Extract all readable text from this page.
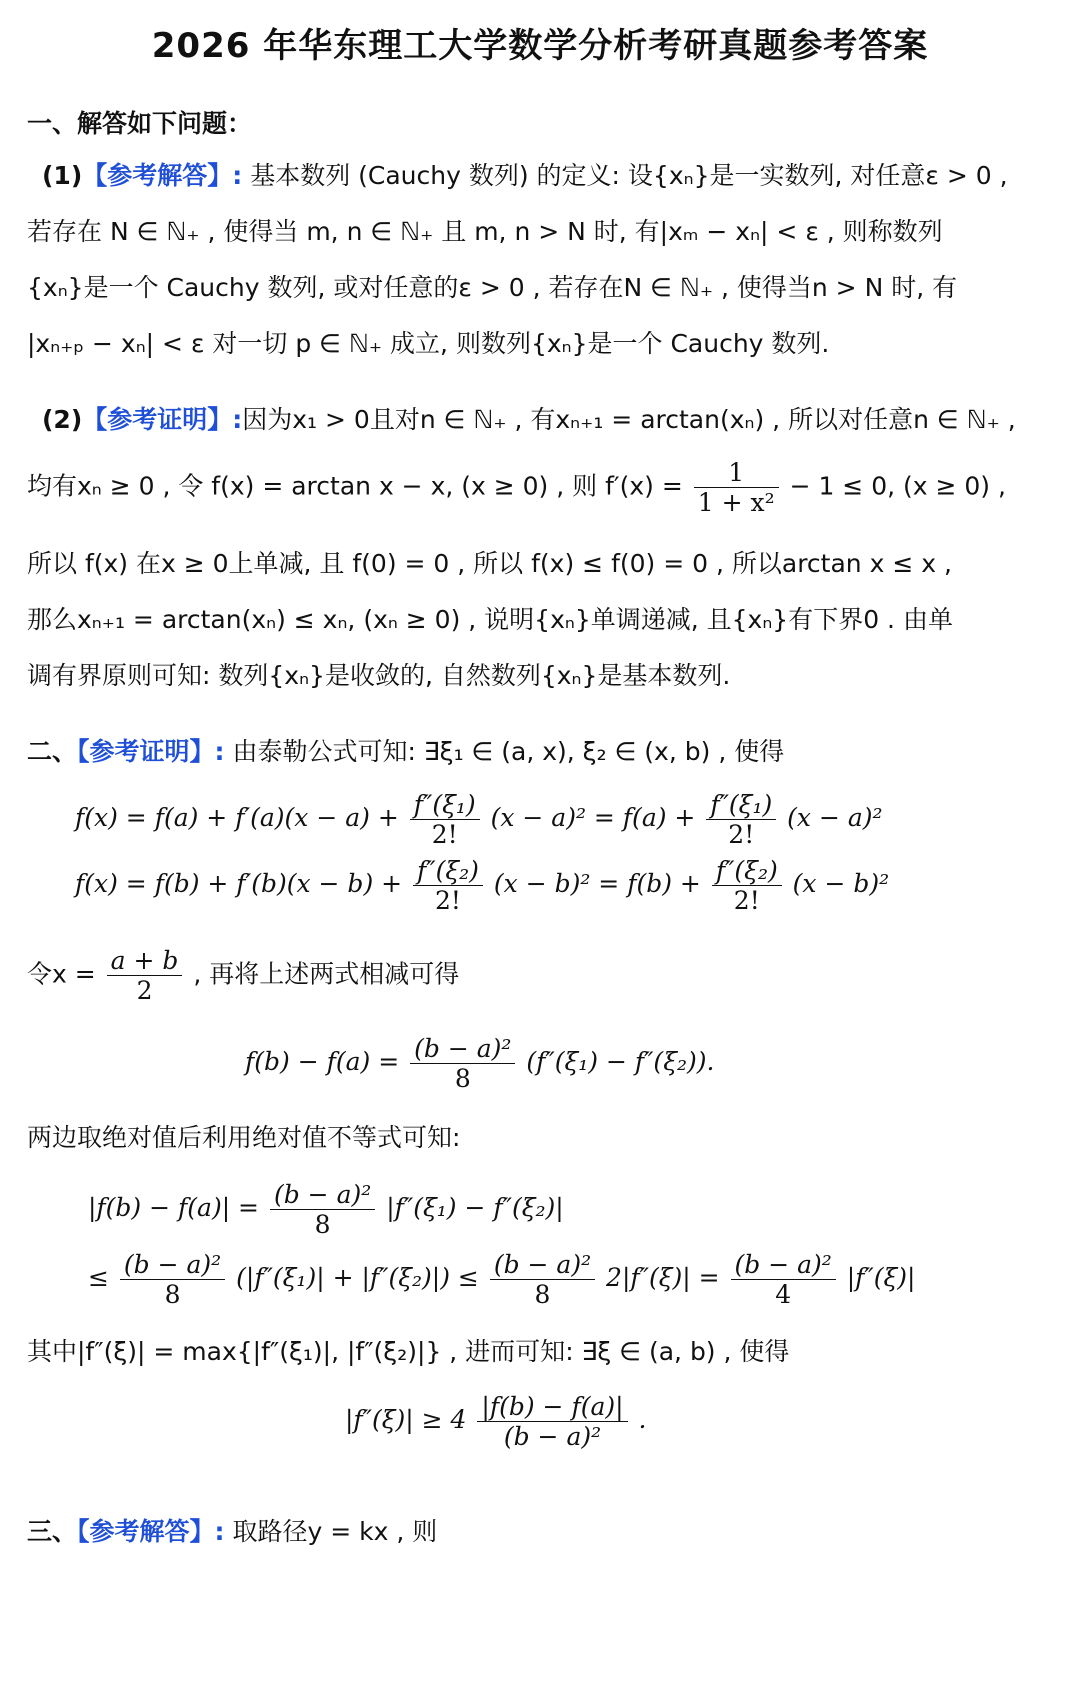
2026 年华东理工大学数学分析考研真题参考答案
一、解答如下问题：
(1)【参考解答】: 基本数列 (Cauchy 数列) 的定义: 设{xₙ}是一实数列, 对任意ε > 0 ,
若存在 N ∈ ℕ₊ , 使得当 m, n ∈ ℕ₊ 且 m, n > N 时, 有|xₘ − xₙ| < ε , 则称数列
{xₙ}是一个 Cauchy 数列, 或对任意的ε > 0 , 若存在N ∈ ℕ₊ , 使得当n > N 时, 有
|xₙ₊ₚ − xₙ| < ε 对一切 p ∈ ℕ₊ 成立, 则数列{xₙ}是一个 Cauchy 数列.
(2)【参考证明】:因为x₁ > 0且对n ∈ ℕ₊ , 有xₙ₊₁ = arctan(xₙ) , 所以对任意n ∈ ℕ₊ ,
均有xₙ ≥ 0 , 令 f(x) = arctan x − x, (x ≥ 0) , 则 $f'(x) = \frac{1}{\text{1 + x²}} - 1 \le 0$, (x ≥ 0) ,
所以 f(x) 在x ≥ 0上单减, 且 f(0) = 0 , 所以 f(x) ≤ f(0) = 0 , 所以arctan x ≤ x ,
那么xₙ₊₁ = arctan(xₙ) ≤ xₙ, (xₙ ≥ 0) , 说明{xₙ}单调递减, 且{xₙ}有下界0 . 由单
调有界原则可知: 数列{xₙ}是收敛的, 自然数列{xₙ}是基本数列.
二、【参考证明】: 由泰勒公式可知: ∃ξ₁ ∈ (a, x), ξ₂ ∈ (x, b) , 使得
$f(x) = f(a) + f'(a)(x - a) + \frac{\text{f″(ξ₁)}}{2!} (x - a)^2 = f(a) + \frac{\text{f″(ξ₁)}}{2!} (x - a)^2$
$f(x) = f(b) + f'(b)(x - b) + \frac{\text{f″(ξ₂)}}{2!} (x - b)^2 = f(b) + \frac{\text{f″(ξ₂)}}{2!} (x - b)^2$
令$x = \frac{a + b}{2}$ , 再将上述两式相减可得
$f(b) - f(a) = \frac{\text{(b − a)²}}{8} (f''(\xi_1) - f''(\xi_2))$.
两边取绝对值后利用绝对值不等式可知:
$|f(b) - f(a)| = \frac{\text{(b − a)²}}{8} |f''(\xi_1) - f''(\xi_2)|$
≤ $\frac{\text{(b − a)²}}{8} (|f''(\xi_1)| + |f''(\xi_2)|) \le \frac{\text{(b − a)²}}{8} 2|f''(\xi)| = \frac{\text{(b − a)²}}{4} |f''(\xi)|$
其中|f″(ξ)| = max{|f″(ξ₁)|, |f″(ξ₂)|} , 进而可知: ∃ξ ∈ (a, b) , 使得
$|f''(\xi)| \ge 4 \frac{|f(b) - f(a)|}{\text{(b − a)²}}$ .
三、【参考解答】: 取路径y = kx , 则
